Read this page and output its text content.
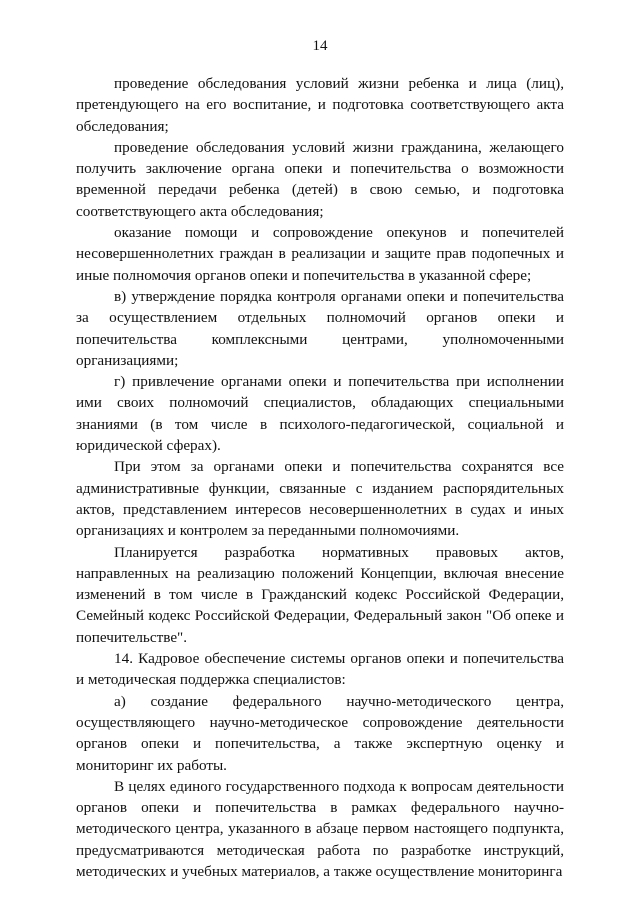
14

проведение обследования условий жизни ребенка и лица (лиц), претендующего на его воспитание, и подготовка соответствующего акта обследования;

проведение обследования условий жизни гражданина, желающего получить заключение органа опеки и попечительства о возможности временной передачи ребенка (детей) в свою семью, и подготовка соответствующего акта обследования;

оказание помощи и сопровождение опекунов и попечителей несовершеннолетних граждан в реализации и защите прав подопечных и иные полномочия органов опеки и попечительства в указанной сфере;

в) утверждение порядка контроля органами опеки и попечительства за осуществлением отдельных полномочий органов опеки и попечительства комплексными центрами, уполномоченными организациями;

г) привлечение органами опеки и попечительства при исполнении ими своих полномочий специалистов, обладающих специальными знаниями (в том числе в психолого-педагогической, социальной и юридической сферах).

При этом за органами опеки и попечительства сохранятся все административные функции, связанные с изданием распорядительных актов, представлением интересов несовершеннолетних в судах и иных организациях и контролем за переданными полномочиями.

Планируется разработка нормативных правовых актов, направленных на реализацию положений Концепции, включая внесение изменений в том числе в Гражданский кодекс Российской Федерации, Семейный кодекс Российской Федерации, Федеральный закон "Об опеке и попечительстве".

14. Кадровое обеспечение системы органов опеки и попечительства и методическая поддержка специалистов:

а) создание федерального научно-методического центра, осуществляющего научно-методическое сопровождение деятельности органов опеки и попечительства, а также экспертную оценку и мониторинг их работы.

В целях единого государственного подхода к вопросам деятельности органов опеки и попечительства в рамках федерального научно-методического центра, указанного в абзаце первом настоящего подпункта, предусматриваются методическая работа по разработке инструкций, методических и учебных материалов, а также осуществление мониторинга
